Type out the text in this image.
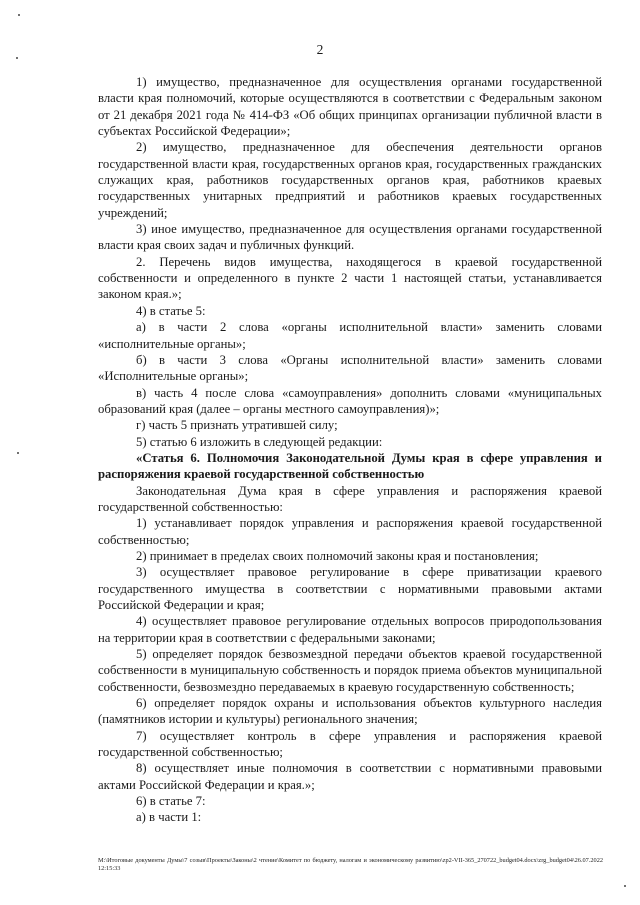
2

1) имущество, предназначенное для осуществления органами государственной власти края полномочий, которые осуществляются в соответствии с Федеральным законом от 21 декабря 2021 года № 414-ФЗ «Об общих принципах организации публичной власти в субъектах Российской Федерации»;

2) имущество, предназначенное для обеспечения деятельности органов государственной власти края, государственных органов края, государственных гражданских служащих края, работников государственных органов края, работников краевых государственных унитарных предприятий и работников краевых государственных учреждений;

3) иное имущество, предназначенное для осуществления органами государственной власти края своих задач и публичных функций.

2. Перечень видов имущества, находящегося в краевой государственной собственности и определенного в пункте 2 части 1 настоящей статьи, устанавливается законом края.»;

4) в статье 5:

а) в части 2 слова «органы исполнительной власти» заменить словами «исполнительные органы»;

б) в части 3 слова «Органы исполнительной власти» заменить словами «Исполнительные органы»;

в) часть 4 после слова «самоуправления» дополнить словами «муниципальных образований края (далее – органы местного самоуправления)»;

г) часть 5 признать утратившей силу;

5) статью 6 изложить в следующей редакции:

«Статья 6. Полномочия Законодательной Думы края в сфере управления и распоряжения краевой государственной собственностью

Законодательная Дума края в сфере управления и распоряжения краевой государственной собственностью:

1) устанавливает порядок управления и распоряжения краевой государственной собственностью;

2) принимает в пределах своих полномочий законы края и постановления;

3) осуществляет правовое регулирование в сфере приватизации краевого государственного имущества в соответствии с нормативными правовыми актами Российской Федерации и края;

4) осуществляет правовое регулирование отдельных вопросов природопользования на территории края в соответствии с федеральными законами;

5) определяет порядок безвозмездной передачи объектов краевой государственной собственности в муниципальную собственность и порядок приема объектов муниципальной собственности, безвозмездно передаваемых в краевую государственную собственность;

6) определяет порядок охраны и использования объектов культурного наследия (памятников истории и культуры) регионального значения;

7) осуществляет контроль в сфере управления и распоряжения краевой государственной собственностью;

8) осуществляет иные полномочия в соответствии с нормативными правовыми актами Российской Федерации и края.»;

6) в статье 7:

а) в части 1:

M:\Итоговые документы Думы\7 созыв\Проекты\Законы\2 чтение\Комитет по бюджету, налогам и экономическому развитию\zp2-VII-365_270722_budget04.docx\zrg_budget04\26.07.2022 12:15:33
